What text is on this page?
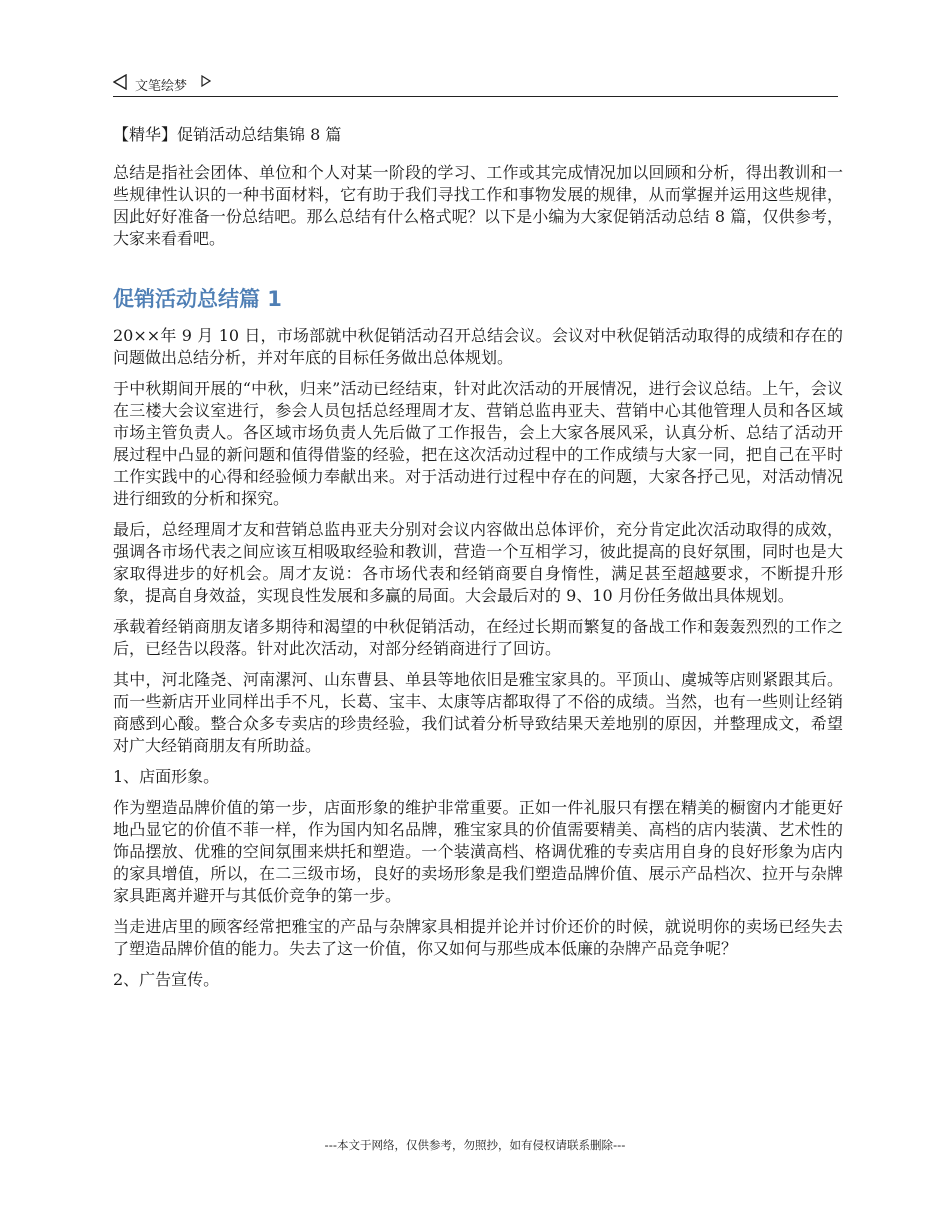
文笔绘梦

【精华】促销活动总结集锦 8 篇

总结是指社会团体、单位和个人对某一阶段的学习、工作或其完成情况加以回顾和分析，得出教训和一些规律性认识的一种书面材料，它有助于我们寻找工作和事物发展的规律，从而掌握并运用这些规律，因此好好准备一份总结吧。那么总结有什么格式呢？以下是小编为大家促销活动总结 8 篇，仅供参考，大家来看看吧。

促销活动总结篇 1

20××年 9 月 10 日，市场部就中秋促销活动召开总结会议。会议对中秋促销活动取得的成绩和存在的问题做出总结分析，并对年底的目标任务做出总体规划。

于中秋期间开展的“中秋，归来”活动已经结束，针对此次活动的开展情况，进行会议总结。上午，会议在三楼大会议室进行，参会人员包括总经理周才友、营销总监冉亚夫、营销中心其他管理人员和各区域市场主管负责人。各区域市场负责人先后做了工作报告，会上大家各展风采，认真分析、总结了活动开展过程中凸显的新问题和值得借鉴的经验，把在这次活动过程中的工作成绩与大家一同，把自己在平时工作实践中的心得和经验倾力奉献出来。对于活动进行过程中存在的问题，大家各抒己见，对活动情况进行细致的分析和探究。

最后，总经理周才友和营销总监冉亚夫分别对会议内容做出总体评价，充分肯定此次活动取得的成效，强调各市场代表之间应该互相吸取经验和教训，营造一个互相学习，彼此提高的良好氛围，同时也是大家取得进步的好机会。周才友说：各市场代表和经销商要自身惰性，满足甚至超越要求，不断提升形象，提高自身效益，实现良性发展和多赢的局面。大会最后对的 9、10 月份任务做出具体规划。

承载着经销商朋友诸多期待和渴望的中秋促销活动，在经过长期而繁复的备战工作和轰轰烈烈的工作之后，已经告以段落。针对此次活动，对部分经销商进行了回访。

其中，河北隆尧、河南漯河、山东曹县、单县等地依旧是雅宝家具的。平顶山、虞城等店则紧跟其后。而一些新店开业同样出手不凡，长葛、宝丰、太康等店都取得了不俗的成绩。当然，也有一些则让经销商感到心酸。整合众多专卖店的珍贵经验，我们试着分析导致结果天差地别的原因，并整理成文，希望对广大经销商朋友有所助益。

1、店面形象。

作为塑造品牌价值的第一步，店面形象的维护非常重要。正如一件礼服只有摆在精美的橱窗内才能更好地凸显它的价值不菲一样，作为国内知名品牌，雅宝家具的价值需要精美、高档的店内装潢、艺术性的饰品摆放、优雅的空间氛围来烘托和塑造。一个装潢高档、格调优雅的专卖店用自身的良好形象为店内的家具增值，所以，在二三级市场，良好的卖场形象是我们塑造品牌价值、展示产品档次、拉开与杂牌家具距离并避开与其低价竞争的第一步。

当走进店里的顾客经常把雅宝的产品与杂牌家具相提并论并讨价还价的时候，就说明你的卖场已经失去了塑造品牌价值的能力。失去了这一价值，你又如何与那些成本低廉的杂牌产品竞争呢？

2、广告宣传。

---本文于网络，仅供参考，勿照抄，如有侵权请联系删除---
